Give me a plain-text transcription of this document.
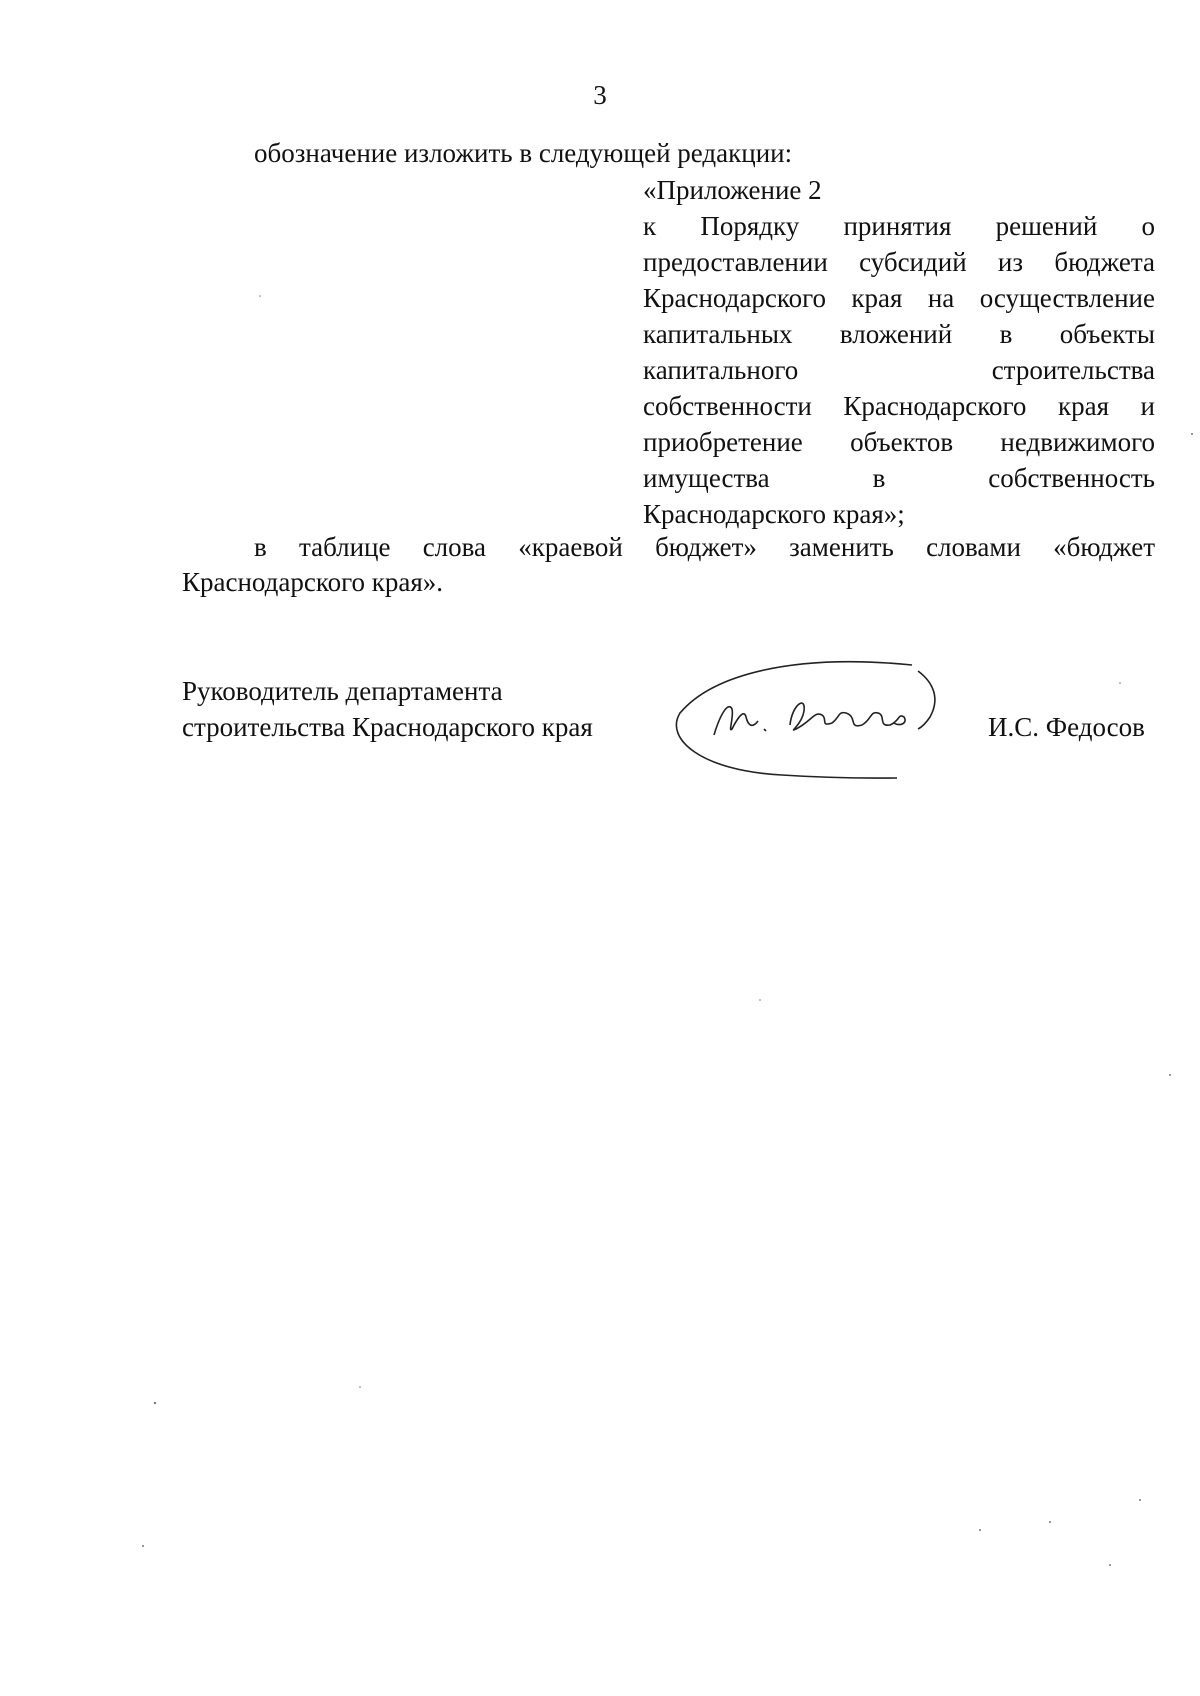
3
обозначение изложить в следующей редакции:
«Приложение 2
к Порядку принятия решений о
предоставлении субсидий из бюджета
Краснодарского края на осуществление
капитальных вложений в объекты
капитального	строительства
собственности Краснодарского края и
приобретение объектов недвижимого
имущества	в	собственность
Краснодарского края»;
в таблице слова «краевой бюджет» заменить словами «бюджет
Краснодарского края».
Руководитель департамента
строительства Краснодарского края	И.С. Федосов
